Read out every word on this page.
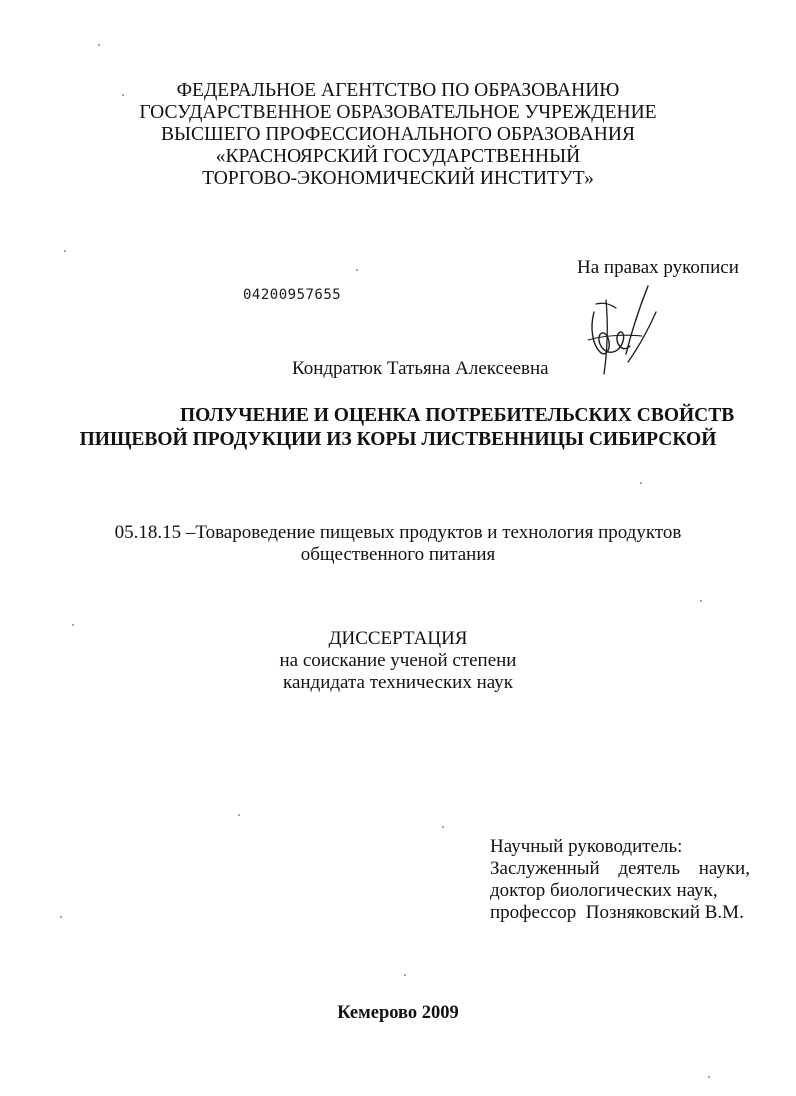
ФЕДЕРАЛЬНОЕ АГЕНТСТВО ПО ОБРАЗОВАНИЮ
ГОСУДАРСТВЕННОЕ ОБРАЗОВАТЕЛЬНОЕ УЧРЕЖДЕНИЕ
ВЫСШЕГО ПРОФЕССИОНАЛЬНОГО ОБРАЗОВАНИЯ
«КРАСНОЯРСКИЙ ГОСУДАРСТВЕННЫЙ
ТОРГОВО-ЭКОНОМИЧЕСКИЙ ИНСТИТУТ»
На правах рукописи
04200957655
Кондратюк Татьяна Алексеевна
ПОЛУЧЕНИЕ И ОЦЕНКА ПОТРЕБИТЕЛЬСКИХ СВОЙСТВ
ПИЩЕВОЙ ПРОДУКЦИИ ИЗ КОРЫ ЛИСТВЕННИЦЫ СИБИРСКОЙ
05.18.15 –Товароведение пищевых продуктов и технология продуктов
общественного питания
ДИССЕРТАЦИЯ
на соискание ученой степени
кандидата технических наук
Научный руководитель:
Заслуженный деятель науки,
доктор биологических наук,
профессор  Позняковский В.М.
Кемерово 2009
